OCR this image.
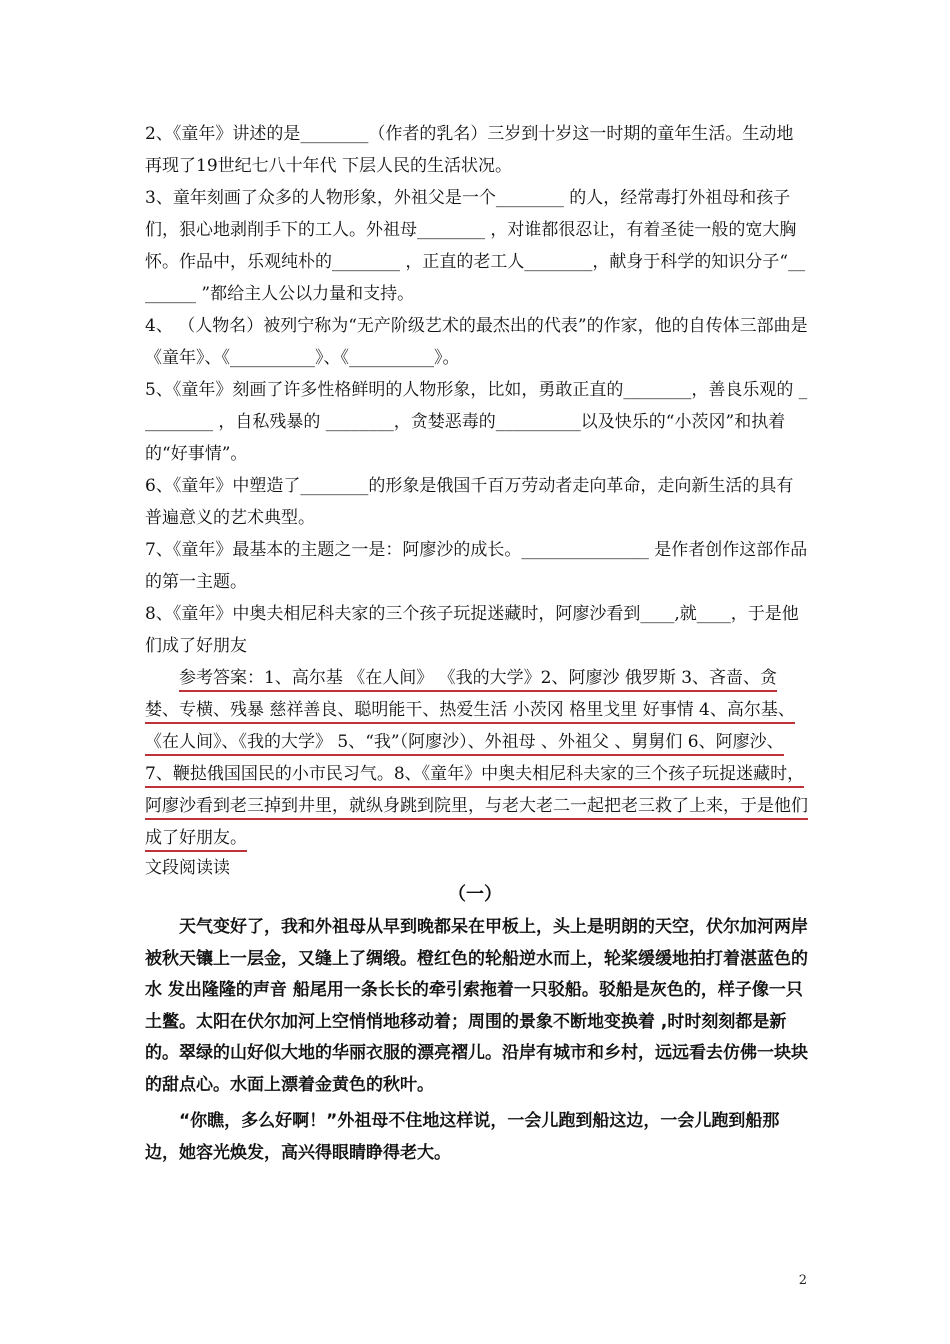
2、《童年》讲述的是________（作者的乳名）三岁到十岁这一时期的童年生活。生动地再现了19世纪七八十年代 下层人民的生活状况。

3、童年刻画了众多的人物形象，外祖父是一个________ 的人，经常毒打外祖母和孩子们，狠心地剥削手下的工人。外祖母________ ，对谁都很忍让，有着圣徒一般的宽大胸怀。作品中，乐观纯朴的________ ，正直的老工人________，献身于科学的知识分子“________ ”都给主人公以力量和支持。

4、 （人物名）被列宁称为“无产阶级艺术的最杰出的代表”的作家，他的自传体三部曲是《童年》、《__________》、《__________》。

5、《童年》刻画了许多性格鲜明的人物形象，比如，勇敢正直的________，善良乐观的 _________ ，自私残暴的 ________，贪婪恶毒的__________以及快乐的“小茨冈”和执着的“好事情”。

6、《童年》中塑造了________的形象是俄国千百万劳动者走向革命，走向新生活的具有普遍意义的艺术典型。

7、《童年》最基本的主题之一是：阿廖沙的成长。_______________ 是作者创作这部作品的第一主题。

8、《童年》中奥夫相尼科夫家的三个孩子玩捉迷藏时，阿廖沙看到____,就____，于是他们成了好朋友

参考答案：1、高尔基 《在人间》 《我的大学》2、阿廖沙 俄罗斯 3、吝啬、贪婪、专横、残暴 慈祥善良、聪明能干、热爱生活 小茨冈 格里戈里 好事情 4、高尔基、《在人间》、《我的大学》 5、“我”（阿廖沙）、外祖母 、外祖父 、舅舅们 6、阿廖沙、7、鞭挞俄国国民的小市民习气。8、《童年》中奥夫相尼科夫家的三个孩子玩捉迷藏时，阿廖沙看到老三掉到井里，就纵身跳到院里，与老大老二一起把老三救了上来，于是他们成了好朋友。

文段阅读读
（一）

天气变好了，我和外祖母从早到晚都呆在甲板上，头上是明朗的天空，伏尔加河两岸被秋天镶上一层金，又缝上了绸缎。橙红色的轮船逆水而上，轮桨缓缓地拍打着湛蓝色的水 发出隆隆的声音 船尾用一条长长的牵引索拖着一只驳船。驳船是灰色的，样子像一只土鳖。太阳在伏尔加河上空悄悄地移动着；周围的景象不断地变换着 ,时时刻刻都是新的。翠绿的山好似大地的华丽衣服的漂亮褶儿。沿岸有城市和乡村，远远看去仿佛一块块的甜点心。水面上漂着金黄色的秋叶。

“你瞧，多么好啊！”外祖母不住地这样说，一会儿跑到船这边，一会儿跑到船那边，她容光焕发，高兴得眼睛睁得老大。

2
